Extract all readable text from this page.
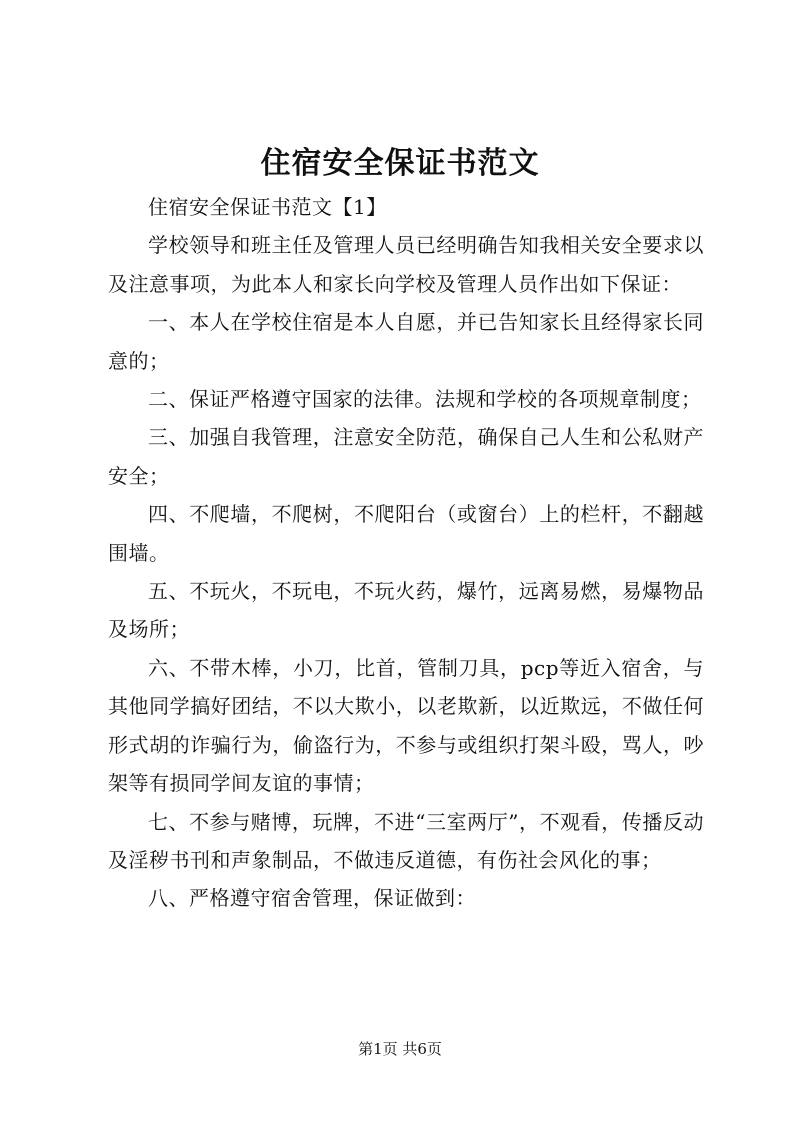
住宿安全保证书范文

住宿安全保证书范文【1】

学校领导和班主任及管理人员已经明确告知我相关安全要求以及注意事项，为此本人和家长向学校及管理人员作出如下保证：

一、本人在学校住宿是本人自愿，并已告知家长且经得家长同意的；

二、保证严格遵守国家的法律。法规和学校的各项规章制度；

三、加强自我管理，注意安全防范，确保自己人生和公私财产安全；

四、不爬墙，不爬树，不爬阳台（或窗台）上的栏杆，不翻越围墙。

五、不玩火，不玩电，不玩火药，爆竹，远离易燃，易爆物品及场所；

六、不带木棒，小刀，比首，管制刀具，pcp等近入宿舍，与其他同学搞好团结，不以大欺小，以老欺新，以近欺远，不做任何形式胡的诈骗行为，偷盗行为，不参与或组织打架斗殴，骂人，吵架等有损同学间友谊的事情；

七、不参与赌博，玩牌，不进“三室两厅”，不观看，传播反动及淫秽书刊和声象制品，不做违反道德，有伤社会风化的事；

八、严格遵守宿舍管理，保证做到：

第1页 共6页
